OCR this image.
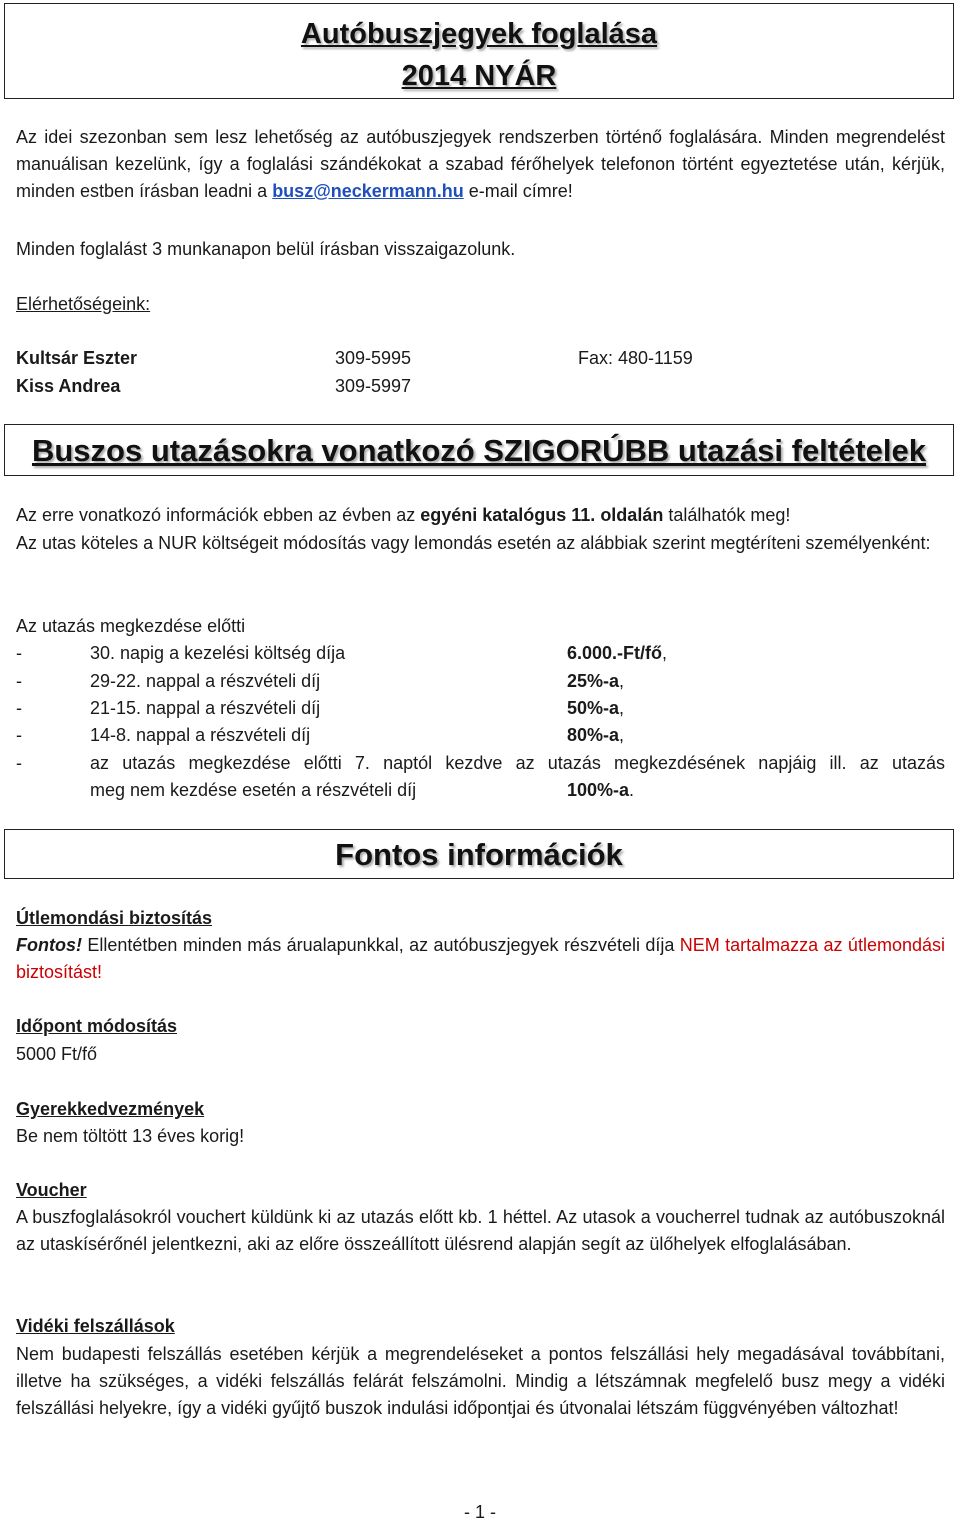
Autóbuszjegyek foglalása
2014 NYÁR
Az idei szezonban sem lesz lehetőség az autóbuszjegyek rendszerben történő foglalására. Minden megrendelést manuálisan kezelünk, így a foglalási szándékokat a szabad férőhelyek telefonon történt egyeztetése után, kérjük, minden estben írásban leadni a busz@neckermann.hu e-mail címre!
Minden foglalást 3 munkanapon belül írásban visszaigazolunk.
Elérhetőségeink:
Kultsár Eszter	309-5995	Fax: 480-1159
Kiss Andrea	309-5997
Buszos utazásokra vonatkozó SZIGORÚBB utazási feltételek
Az erre vonatkozó információk ebben az évben az egyéni katalógus 11. oldalán találhatók meg!
Az utas köteles a NUR költségeit módosítás vagy lemondás esetén az alábbiak szerint megtéríteni személyenként:
Az utazás megkezdése előtti
-	30. napig a kezelési költség díja	6.000.-Ft/fő,
-	29-22. nappal a részvételi díj	25%-a,
-	21-15. nappal a részvételi díj	50%-a,
-	14-8. nappal a részvételi díj	80%-a,
-	az utazás megkezdése előtti 7. naptól kezdve az utazás megkezdésének napjáig ill. az utazás
meg nem kezdése esetén a részvételi díj	100%-a.
Fontos információk
Útlemondási biztosítás
Fontos! Ellentétben minden más árualapunkkal, az autóbuszjegyek részvételi díja NEM tartalmazza az útlemondási biztosítást!
Időpont módosítás
5000 Ft/fő
Gyerekkedvezmények
Be nem töltött 13 éves korig!
Voucher
A buszfoglalásokról vouchert küldünk ki az utazás előtt kb. 1 héttel. Az utasok a voucherrel tudnak az autóbuszoknál az utaskísérőnél jelentkezni, aki az előre összeállított ülésrend alapján segít az ülőhelyek elfoglalásában.
Vidéki felszállások
Nem budapesti felszállás esetében kérjük a megrendeléseket a pontos felszállási hely megadásával továbbítani, illetve ha szükséges, a vidéki felszállás felárát felszámolni. Mindig a létszámnak megfelelő busz megy a vidéki felszállási helyekre, így a vidéki gyűjtő buszok indulási időpontjai és útvonalai létszám függvényében változhat!
- 1 -
